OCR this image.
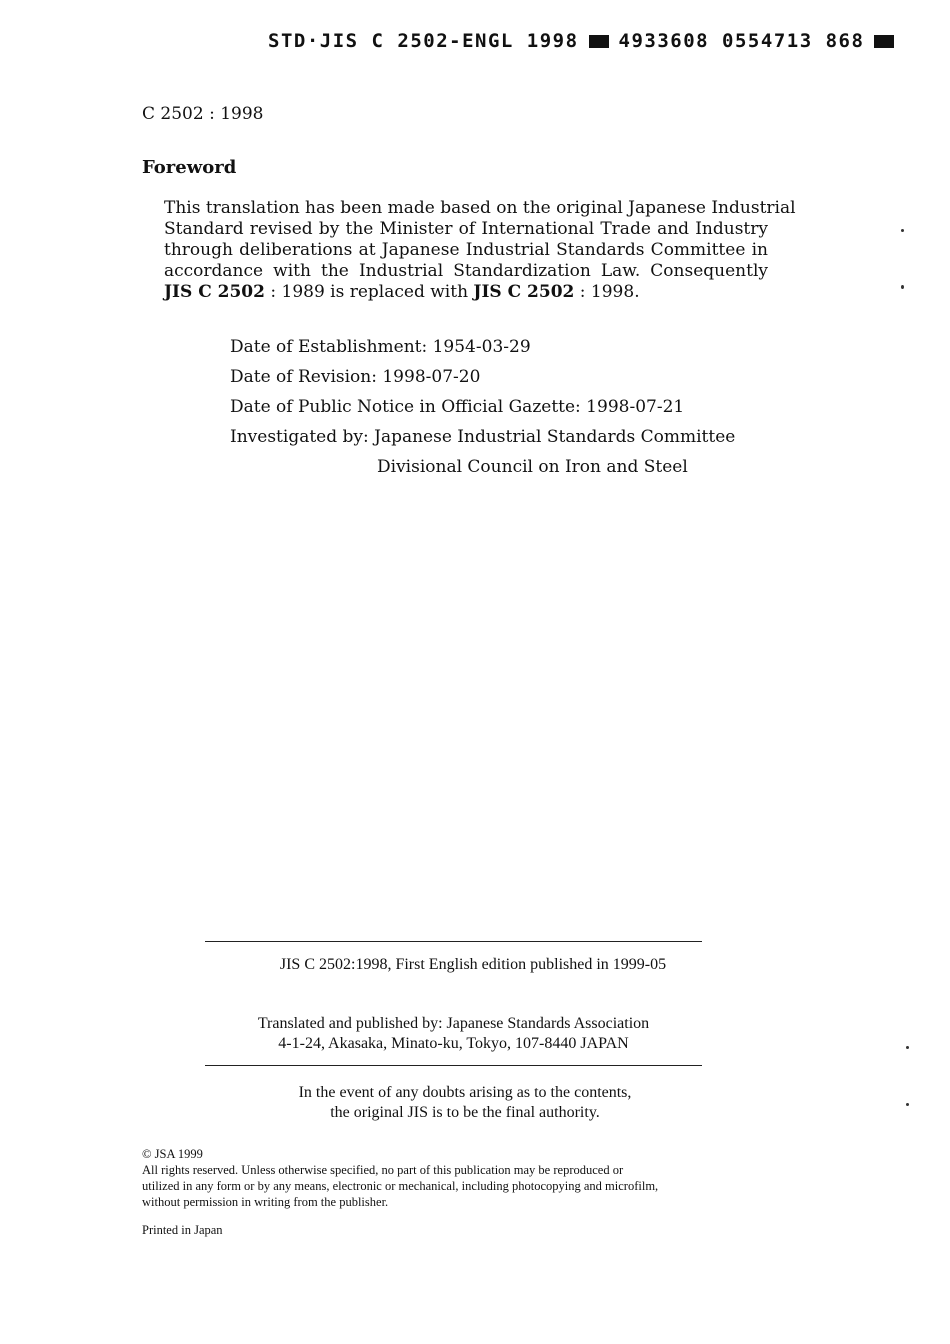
STD·JIS C 2502-ENGL 1998 4933608 0554713 868
C 2502 : 1998
Foreword
This translation has been made based on the original Japanese Industrial
Standard revised by the Minister of International Trade and Industry
through deliberations at Japanese Industrial Standards Committee in
accordance with the Industrial Standardization Law. Consequently
JIS C 2502 : 1989 is replaced with JIS C 2502 : 1998.
Date of Establishment: 1954-03-29
Date of Revision: 1998-07-20
Date of Public Notice in Official Gazette: 1998-07-21
Investigated by: Japanese Industrial Standards Committee
Divisional Council on Iron and Steel
JIS C 2502:1998, First English edition published in 1999-05
Translated and published by: Japanese Standards Association
4-1-24, Akasaka, Minato-ku, Tokyo, 107-8440 JAPAN
In the event of any doubts arising as to the contents,
the original JIS is to be the final authority.
© JSA 1999
All rights reserved. Unless otherwise specified, no part of this publication may be reproduced or
utilized in any form or by any means, electronic or mechanical, including photocopying and microfilm,
without permission in writing from the publisher.
Printed in Japan
